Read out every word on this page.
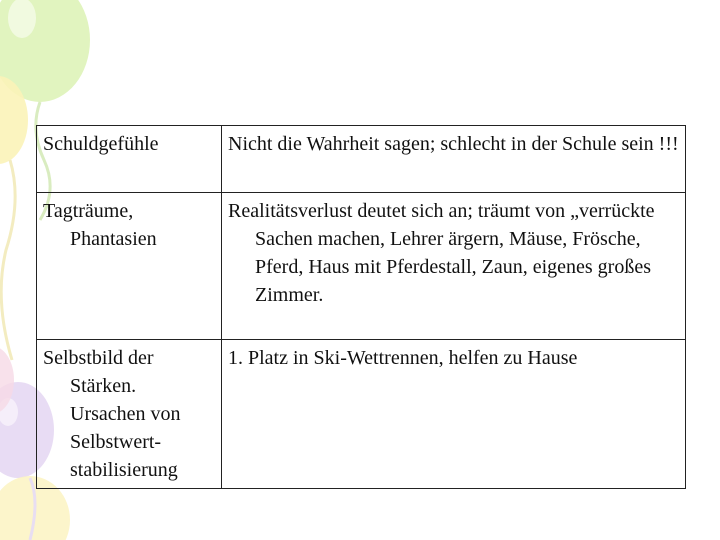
Schuldgefühle	Nicht die Wahrheit sagen; schlecht in der Schule sein !!!

Tagträume, Phantasien	Realitätsverlust deutet sich an; träumt von „verrückte Sachen machen, Lehrer ärgern, Mäuse, Frösche, Pferd, Haus mit Pferdestall, Zaun, eigenes großes Zimmer.

Selbstbild der Stärken. Ursachen von Selbstwert-stabilisierung	1. Platz in Ski-Wettrennen, helfen zu Hause
